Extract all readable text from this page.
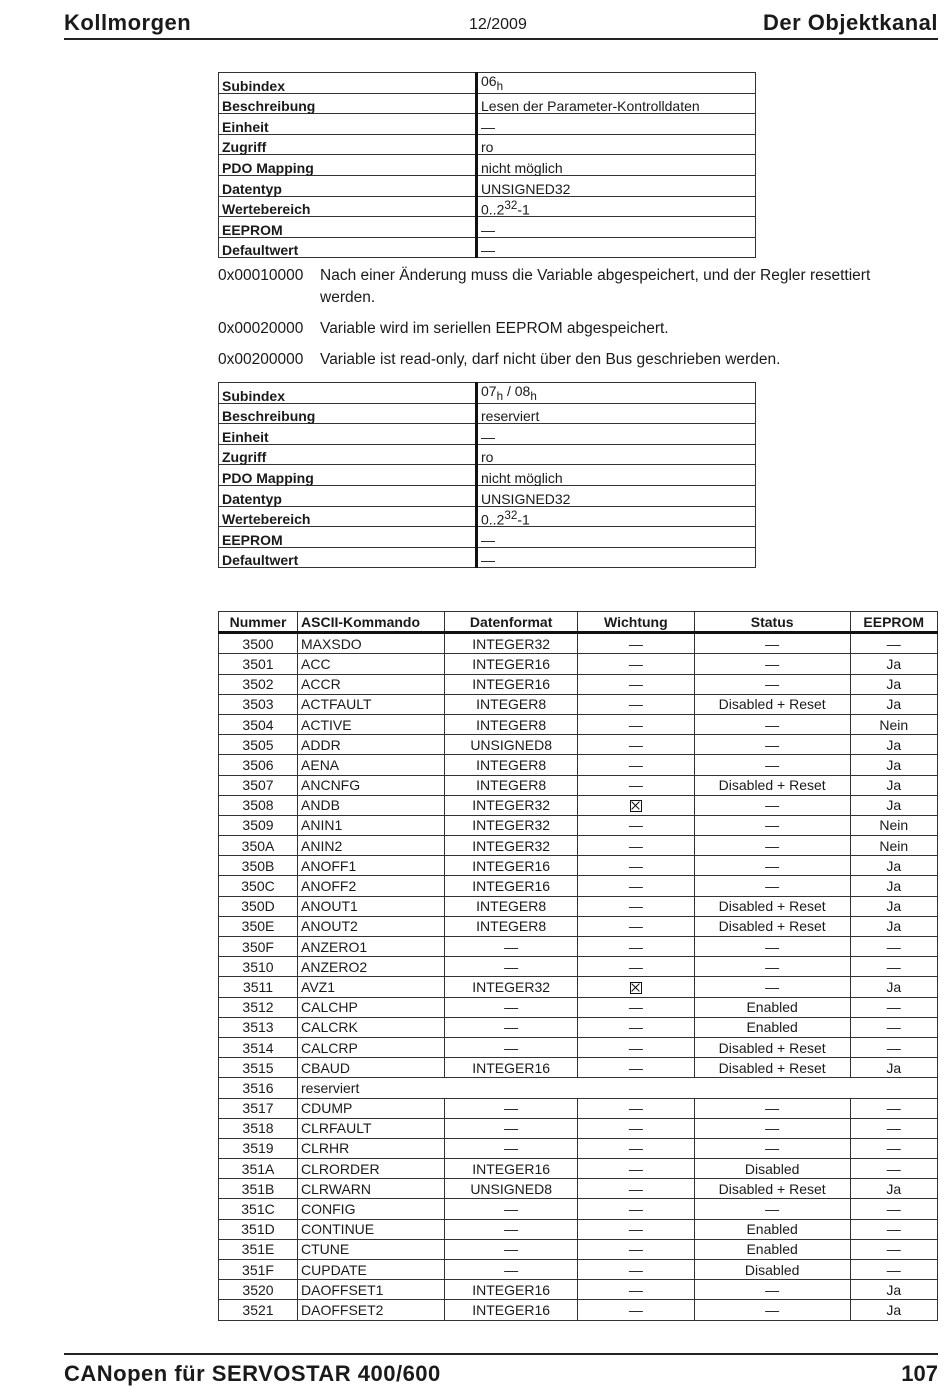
Kollmorgen	12/2009	Der Objektkanal
Subindex	$06_h$
Beschreibung	Lesen der Parameter-Kontrolldaten
Einheit	—
Zugriff	ro
PDO Mapping	nicht möglich
Datentyp	UNSIGNED32
Wertebereich	0..2$^{32}$-1
EEPROM	—
Defaultwert	—
0x00010000 Nach einer Änderung muss die Variable abgespeichert, und der Regler resettiert werden.
0x00020000 Variable wird im seriellen EEPROM abgespeichert.
0x00200000 Variable ist read-only, darf nicht über den Bus geschrieben werden.
Subindex	$07_h / 08_h$
Beschreibung	reserviert
Einheit	—
Zugriff	ro
PDO Mapping	nicht möglich
Datentyp	UNSIGNED32
Wertebereich	0..2$^{32}$-1
EEPROM	—
Defaultwert	—
Nummer	ASCII-Kommando	Datenformat	Wichtung	Status	EEPROM
3500	MAXSDO	INTEGER32	—	—	—
3501	ACC	INTEGER16	—	—	Ja
3502	ACCR	INTEGER16	—	—	Ja
3503	ACTFAULT	INTEGER8	—	Disabled + Reset	Ja
3504	ACTIVE	INTEGER8	—	—	Nein
3505	ADDR	UNSIGNED8	—	—	Ja
3506	AENA	INTEGER8	—	—	Ja
3507	ANCNFG	INTEGER8	—	Disabled + Reset	Ja
3508	ANDB	INTEGER32		—	Ja
3509	ANIN1	INTEGER32	—	—	Nein
350A	ANIN2	INTEGER32	—	—	Nein
350B	ANOFF1	INTEGER16	—	—	Ja
350C	ANOFF2	INTEGER16	—	—	Ja
350D	ANOUT1	INTEGER8	—	Disabled + Reset	Ja
350E	ANOUT2	INTEGER8	—	Disabled + Reset	Ja
350F	ANZERO1	—	—	—	—
3510	ANZERO2	—	—	—	—
3511	AVZ1	INTEGER32		—	Ja
3512	CALCHP	—	—	Enabled	—
3513	CALCRK	—	—	Enabled	—
3514	CALCRP	—	—	Disabled + Reset	—
3515	CBAUD	INTEGER16	—	Disabled + Reset	Ja
3516	reserviert				
3517	CDUMP	—	—	—	—
3518	CLRFAULT	—	—	—	—
3519	CLRHR	—	—	—	—
351A	CLRORDER	INTEGER16	—	Disabled	—
351B	CLRWARN	UNSIGNED8	—	Disabled + Reset	Ja
351C	CONFIG	—	—	—	—
351D	CONTINUE	—	—	Enabled	—
351E	CTUNE	—	—	Enabled	—
351F	CUPDATE	—	—	Disabled	—
3520	DAOFFSET1	INTEGER16	—	—	Ja
3521	DAOFFSET2	INTEGER16	—	—	Ja
CANopen für SERVOSTAR 400/600	107
